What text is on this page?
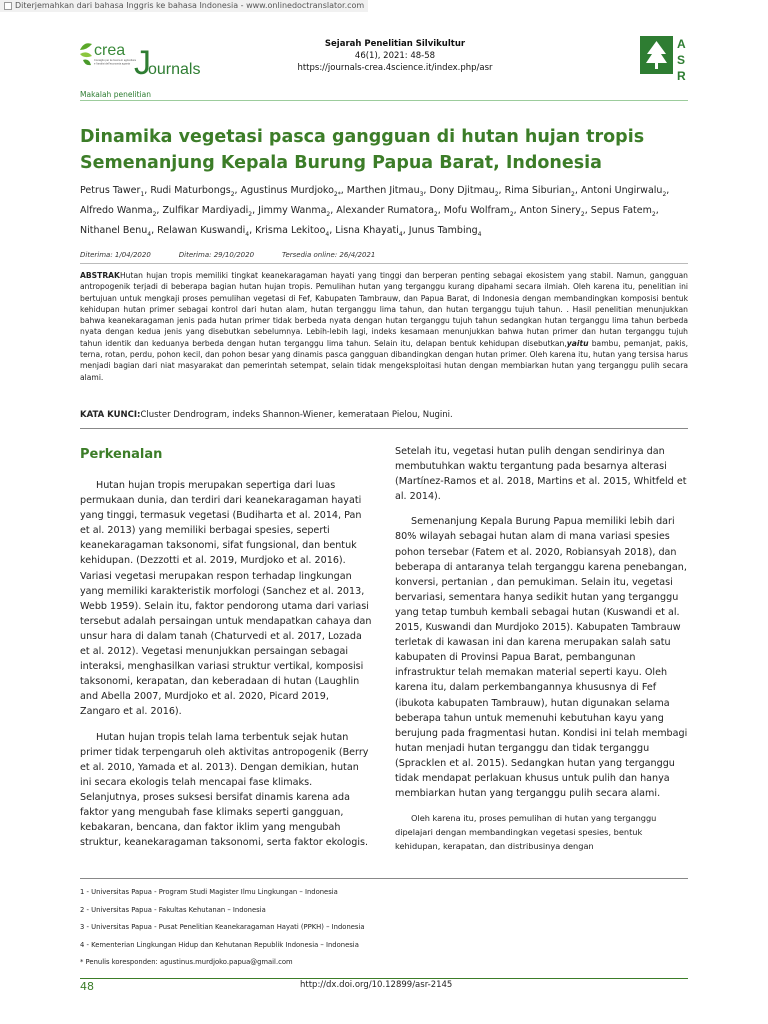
Diterjemahkan dari bahasa Inggris ke bahasa Indonesia - www.onlinedoctranslator.com
crea J
ournals
Consiglio per la ricerca in agricoltura
e l'analisi dell'economia agraria
Sejarah Penelitian Silvikultur
46(1), 2021: 48-58
https://journals-crea.4science.it/index.php/asr
A
S
R
Makalah penelitian
Dinamika vegetasi pasca gangguan di hutan hujan tropis Semenanjung Kepala Burung Papua Barat, Indonesia
Petrus Tawer$_1$, Rudi Maturbongs$_2$, Agustinus Murdjoko$_{2*}$, Marthen Jitmau$_3$, Dony Djitmau$_2$, Rima Siburian$_2$, Antoni Ungirwalu$_2$, Alfredo Wanma$_2$, Zulfikar Mardiyadi$_2$, Jimmy Wanma$_2$, Alexander Rumatora$_2$, Mofu Wolfram$_2$, Anton Sinery$_2$, Sepus Fatem$_2$, Nithanel Benu$_4$, Relawan Kuswandi$_4$, Krisma Lekitoo$_4$, Lisna Khayati$_4$, Junus Tambing$_4$
Diterima: 1/04/2020	Diterima: 29/10/2020	Tersedia online: 26/4/2021
ABSTRAKHutan hujan tropis memiliki tingkat keanekaragaman hayati yang tinggi dan berperan penting sebagai ekosistem yang stabil. Namun, gangguan antropogenik terjadi di beberapa bagian hutan hujan tropis. Pemulihan hutan yang terganggu kurang dipahami secara ilmiah. Oleh karena itu, penelitian ini bertujuan untuk mengkaji proses pemulihan vegetasi di Fef, Kabupaten Tambrauw, dan Papua Barat, di Indonesia dengan membandingkan komposisi bentuk kehidupan hutan primer sebagai kontrol dari hutan alam, hutan terganggu lima tahun, dan hutan terganggu tujuh tahun. . Hasil penelitian menunjukkan bahwa keanekaragaman jenis pada hutan primer tidak berbeda nyata dengan hutan terganggu tujuh tahun sedangkan hutan terganggu lima tahun berbeda nyata dengan kedua jenis yang disebutkan sebelumnya. Lebih-lebih lagi, indeks kesamaan menunjukkan bahwa hutan primer dan hutan terganggu tujuh tahun identik dan keduanya berbeda dengan hutan terganggu lima tahun. Selain itu, delapan bentuk kehidupan disebutkan,yaitu bambu, pemanjat, pakis, terna, rotan, perdu, pohon kecil, dan pohon besar yang dinamis pasca gangguan dibandingkan dengan hutan primer. Oleh karena itu, hutan yang tersisa harus menjadi bagian dari niat masyarakat dan pemerintah setempat, selain tidak mengeksploitasi hutan dengan membiarkan hutan yang terganggu pulih secara alami.
KATA KUNCI:Cluster Dendrogram, indeks Shannon-Wiener, kemerataan Pielou, Nugini.
Perkenalan

Hutan hujan tropis merupakan sepertiga dari luas permukaan dunia, dan terdiri dari keanekaragaman hayati yang tinggi, termasuk vegetasi (Budiharta et al. 2014, Pan et al. 2013) yang memiliki berbagai spesies, seperti keanekaragaman taksonomi, sifat fungsional, dan bentuk kehidupan. (Dezzotti et al. 2019, Murdjoko et al. 2016). Variasi vegetasi merupakan respon terhadap lingkungan yang memiliki karakteristik morfologi (Sanchez et al. 2013, Webb 1959). Selain itu, faktor pendorong utama dari variasi tersebut adalah persaingan untuk mendapatkan cahaya dan unsur hara di dalam tanah (Chaturvedi et al. 2017, Lozada et al. 2012). Vegetasi menunjukkan persaingan sebagai interaksi, menghasilkan variasi struktur vertikal, komposisi taksonomi, kerapatan, dan keberadaan di hutan (Laughlin and Abella 2007, Murdjoko et al. 2020, Picard 2019, Zangaro et al. 2016).

Hutan hujan tropis telah lama terbentuk sejak hutan primer tidak terpengaruh oleh aktivitas antropogenik (Berry et al. 2010, Yamada et al. 2013). Dengan demikian, hutan ini secara ekologis telah mencapai fase klimaks. Selanjutnya, proses suksesi bersifat dinamis karena ada faktor yang mengubah fase klimaks seperti gangguan, kebakaran, bencana, dan faktor iklim yang mengubah struktur, keanekaragaman taksonomi, serta faktor ekologis.

Setelah itu, vegetasi hutan pulih dengan sendirinya dan membutuhkan waktu tergantung pada besarnya alterasi (Martínez-Ramos et al. 2018, Martins et al. 2015, Whitfeld et al. 2014).

Semenanjung Kepala Burung Papua memiliki lebih dari 80% wilayah sebagai hutan alam di mana variasi spesies pohon tersebar (Fatem et al. 2020, Robiansyah 2018), dan beberapa di antaranya telah terganggu karena penebangan, konversi, pertanian , dan pemukiman. Selain itu, vegetasi bervariasi, sementara hanya sedikit hutan yang terganggu yang tetap tumbuh kembali sebagai hutan (Kuswandi et al. 2015, Kuswandi dan Murdjoko 2015). Kabupaten Tambrauw terletak di kawasan ini dan karena merupakan salah satu kabupaten di Provinsi Papua Barat, pembangunan infrastruktur telah memakan material seperti kayu. Oleh karena itu, dalam perkembangannya khususnya di Fef (ibukota kabupaten Tambrauw), hutan digunakan selama beberapa tahun untuk memenuhi kebutuhan kayu yang berujung pada fragmentasi hutan. Kondisi ini telah membagi hutan menjadi hutan terganggu dan tidak terganggu (Spracklen et al. 2015). Sedangkan hutan yang terganggu tidak mendapat perlakuan khusus untuk pulih dan hanya membiarkan hutan yang terganggu pulih secara alami.

Oleh karena itu, proses pemulihan di hutan yang terganggu dipelajari dengan membandingkan vegetasi spesies, bentuk kehidupan, kerapatan, dan distribusinya dengan

1 - Universitas Papua - Program Studi Magister Ilmu Lingkungan – Indonesia
2 - Universitas Papua - Fakultas Kehutanan – Indonesia
3 - Universitas Papua - Pusat Penelitian Keanekaragaman Hayati (PPKH) – Indonesia
4 - Kementerian Lingkungan Hidup dan Kehutanan Republik Indonesia – Indonesia
* Penulis koresponden: agustinus.murdjoko.papua@gmail.com
48	http://dx.doi.org/10.12899/asr-2145
